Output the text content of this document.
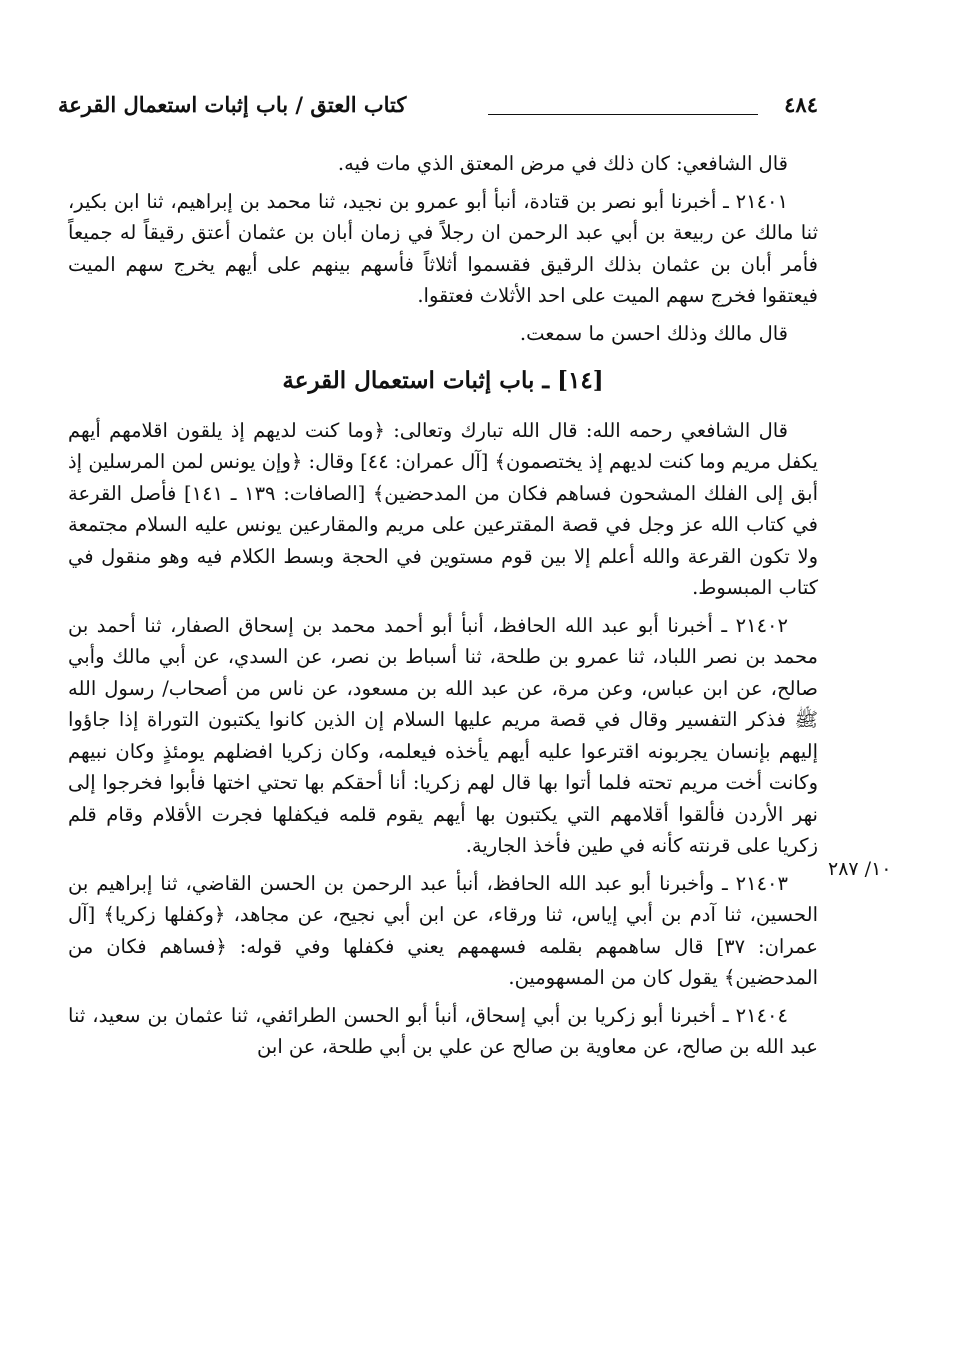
٤٨٤
كتاب العتق / باب إثبات استعمال القرعة

قال الشافعي: كان ذلك في مرض المعتق الذي مات فيه.

٢١٤٠١ ـ أخبرنا أبو نصر بن قتادة، أنبأ أبو عمرو بن نجيد، ثنا محمد بن إبراهيم، ثنا ابن بكير، ثنا مالك عن ربيعة بن أبي عبد الرحمن ان رجلاً في زمان أبان بن عثمان أعتق رقيقاً له جميعاً فأمر أبان بن عثمان بذلك الرقيق فقسموا أثلاثاً فأسهم بينهم على أيهم يخرج سهم الميت فيعتقوا فخرج سهم الميت على احد الأثلاث فعتقوا.

قال مالك وذلك احسن ما سمعت.

[١٤] ـ باب إثبات استعمال القرعة

قال الشافعي رحمه الله: قال الله تبارك وتعالى: ﴿وما كنت لديهم إذ يلقون اقلامهم أيهم يكفل مريم وما كنت لديهم إذ يختصمون﴾ [آل عمران: ٤٤] وقال: ﴿وإن يونس لمن المرسلين إذ أبق إلى الفلك المشحون فساهم فكان من المدحضين﴾ [الصافات: ١٣٩ ـ ١٤١] فأصل القرعة في كتاب الله عز وجل في قصة المقترعين على مريم والمقارعين يونس عليه السلام مجتمعة ولا تكون القرعة والله أعلم إلا بين قوم مستوين في الحجة وبسط الكلام فيه وهو منقول في كتاب المبسوط.

٢١٤٠٢ ـ أخبرنا أبو عبد الله الحافظ، أنبأ أبو أحمد محمد بن إسحاق الصفار، ثنا أحمد بن محمد بن نصر اللباد، ثنا عمرو بن طلحة، ثنا أسباط بن نصر، عن السدي، عن أبي مالك وأبي صالح، عن ابن عباس، وعن مرة، عن عبد الله بن مسعود، عن ناس من أصحاب/ رسول الله ﷺ فذكر التفسير وقال في قصة مريم عليها السلام إن الذين كانوا يكتبون التوراة إذا جاؤوا إليهم بإنسان يجربونه اقترعوا عليه أيهم يأخذه فيعلمه، وكان زكريا افضلهم يومئذٍ وكان نبيهم وكانت أخت مريم تحته فلما أتوا بها قال لهم زكريا: أنا أحقكم بها تحتي اختها فأبوا فخرجوا إلى نهر الأردن فألقوا أقلامهم التي يكتبون بها أيهم يقوم قلمه فيكفلها فجرت الأقلام وقام قلم زكريا على قرنته كأنه في طين فأخذ الجارية.

٢١٤٠٣ ـ وأخبرنا أبو عبد الله الحافظ، أنبأ عبد الرحمن بن الحسن القاضي، ثنا إبراهيم بن الحسين، ثنا آدم بن أبي إياس، ثنا ورقاء، عن ابن أبي نجيح، عن مجاهد، ﴿وكفلها زكريا﴾ [آل عمران: ٣٧] قال ساهمهم بقلمه فسهمهم يعني فكفلها وفي قوله: ﴿فساهم فكان من المدحضين﴾ يقول كان من المسهومين.

٢١٤٠٤ ـ أخبرنا أبو زكريا بن أبي إسحاق، أنبأ أبو الحسن الطرائفي، ثنا عثمان بن سعيد، ثنا عبد الله بن صالح، عن معاوية بن صالح عن علي بن أبي طلحة، عن ابن

١٠/ ٢٨٧
